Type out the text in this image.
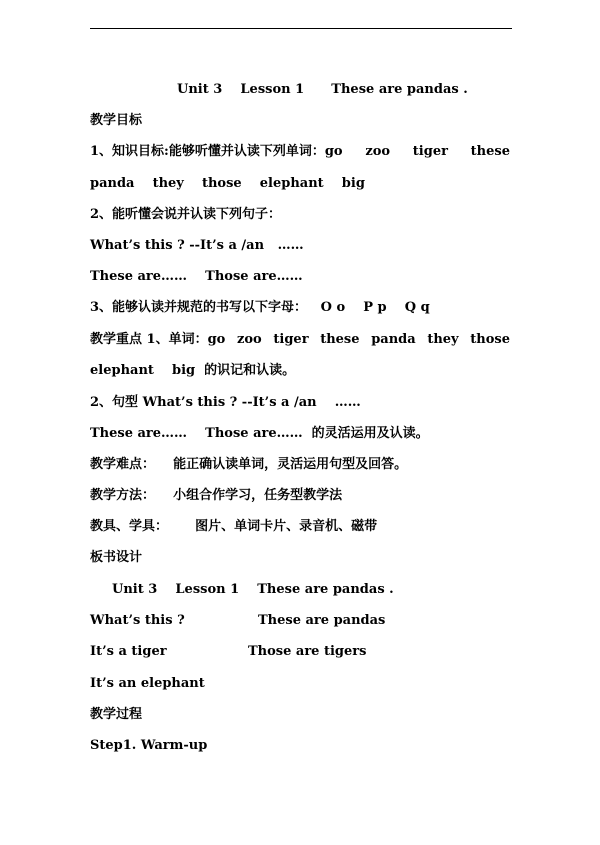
Unit 3    Lesson 1      These are pandas .
教学目标
1、知识目标:能够听懂并认读下列单词：go zoo tiger these
panda    they    those    elephant    big
2、能听懂会说并认读下列句子：
What’s this ? --It’s a /an   ……
These are……    Those are……
3、能够认读并规范的书写以下字母：   O o    P p    Q q
教学重点 1、单词：go zoo tiger these panda they those
elephant    big  的识记和认读。
2、句型 What’s this ? --It’s a /an    ……
These are……    Those are……  的灵活运用及认读。
教学难点：    能正确认读单词，灵活运用句型及回答。
教学方法：    小组合作学习，任务型教学法
教具、学具：      图片、单词卡片、录音机、磁带
板书设计
Unit 3    Lesson 1    These are pandas .
What’s this ?	These are pandas
It’s a tiger	Those are tigers
It’s an elephant
教学过程
Step1. Warm-up
